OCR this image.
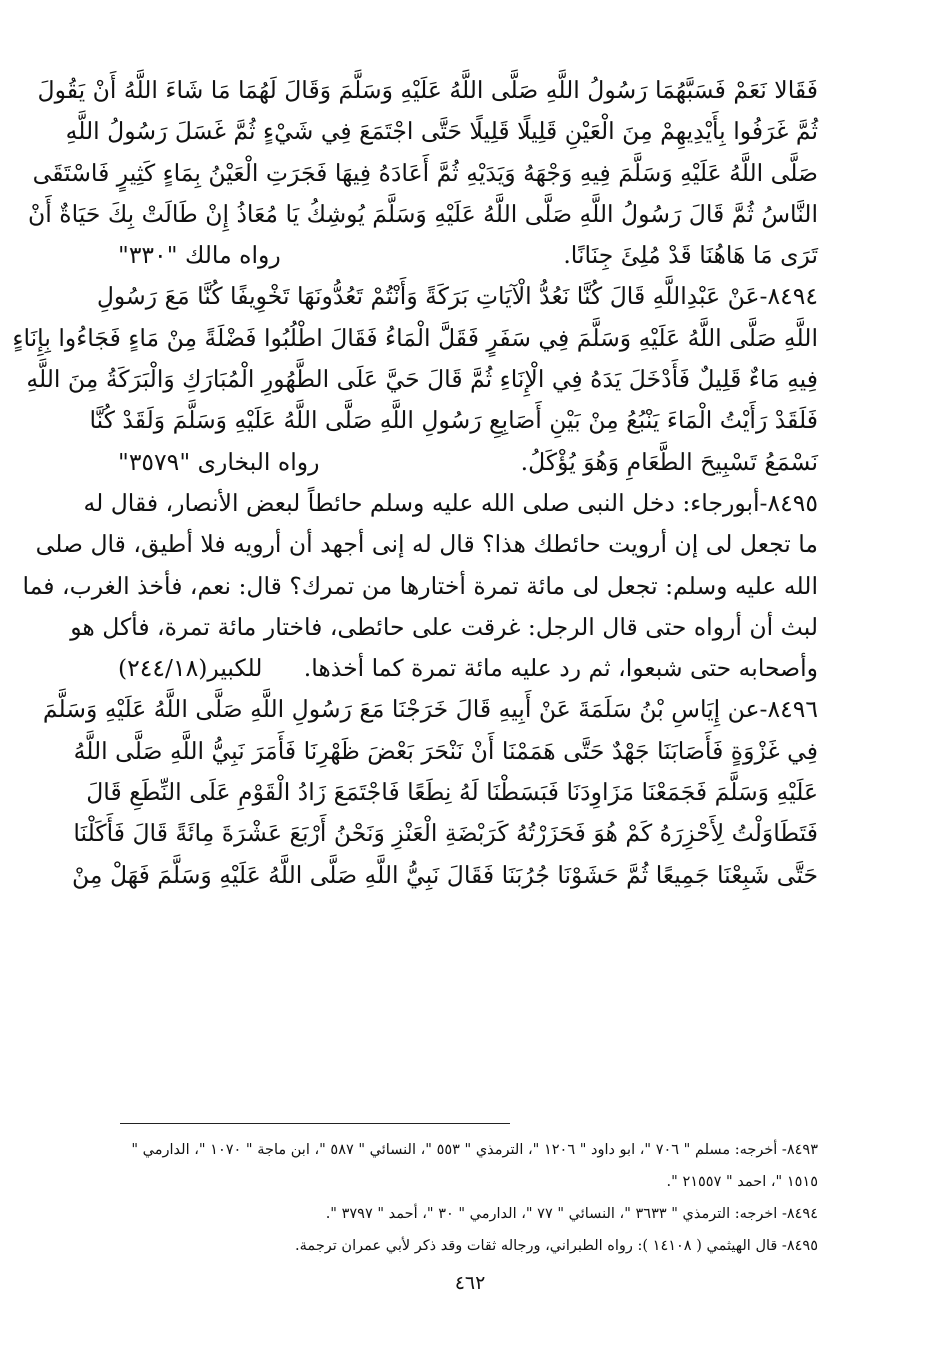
فَقَالا نَعَمْ فَسَبَّهُمَا رَسُولُ اللَّهِ صَلَّى اللَّهُ عَلَيْهِ وَسَلَّمَ وَقَالَ لَهُمَا مَا شَاءَ اللَّهُ أَنْ يَقُولَ
ثُمَّ غَرَفُوا بِأَيْدِيهِمْ مِنَ الْعَيْنِ قَلِيلًا قَلِيلًا حَتَّى اجْتَمَعَ فِي شَيْءٍ ثُمَّ غَسَلَ رَسُولُ اللَّهِ
صَلَّى اللَّهُ عَلَيْهِ وَسَلَّمَ فِيهِ وَجْهَهُ وَيَدَيْهِ ثُمَّ أَعَادَهُ فِيهَا فَجَرَتِ الْعَيْنُ بِمَاءٍ كَثِيرٍ فَاسْتَقَى
النَّاسُ ثُمَّ قَالَ رَسُولُ اللَّهِ صَلَّى اللَّهُ عَلَيْهِ وَسَلَّمَ يُوشِكُ يَا مُعَاذُ إِنْ طَالَتْ بِكَ حَيَاةٌ أَنْ
تَرَى مَا هَاهُنَا قَدْ مُلِئَ جِنَانًا.
رواه مالك "٣٣٠"
٨٤٩٤-عَنْ عَبْدِاللَّهِ قَالَ كُنَّا نَعُدُّ الْآيَاتِ بَرَكَةً وَأَنْتُمْ تَعُدُّونَهَا تَخْوِيفًا كُنَّا مَعَ رَسُولِ
اللَّهِ صَلَّى اللَّهُ عَلَيْهِ وَسَلَّمَ فِي سَفَرٍ فَقَلَّ الْمَاءُ فَقَالَ اطْلُبُوا فَضْلَةً مِنْ مَاءٍ فَجَاءُوا بِإِنَاءٍ
فِيهِ مَاءٌ قَلِيلٌ فَأَدْخَلَ يَدَهُ فِي الْإِنَاءِ ثُمَّ قَالَ حَيَّ عَلَى الطَّهُورِ الْمُبَارَكِ وَالْبَرَكَةُ مِنَ اللَّهِ
فَلَقَدْ رَأَيْتُ الْمَاءَ يَنْبُعُ مِنْ بَيْنِ أَصَابِعِ رَسُولِ اللَّهِ صَلَّى اللَّهُ عَلَيْهِ وَسَلَّمَ وَلَقَدْ كُنَّا
نَسْمَعُ تَسْبِيحَ الطَّعَامِ وَهُوَ يُؤْكَلُ.
رواه البخارى "٣٥٧٩"
٨٤٩٥-أبورجاء: دخل النبى صلى الله عليه وسلم حائطاً لبعض الأنصار، فقال له
ما تجعل لى إن أرويت حائطك هذا؟ قال له إنى أجهد أن أرويه فلا أطيق، قال صلى
الله عليه وسلم: تجعل لى مائة تمرة أختارها من تمرك؟ قال: نعم، فأخذ الغرب، فما
لبث أن أرواه حتى قال الرجل: غرقت على حائطى، فاختار مائة تمرة، فأكل هو
وأصحابه حتى شبعوا، ثم رد عليه مائة تمرة كما أخذها.
للكبير(٢٤٤/١٨)
٨٤٩٦-عن إِيَاسِ بْنُ سَلَمَةَ عَنْ أَبِيهِ قَالَ خَرَجْنَا مَعَ رَسُولِ اللَّهِ صَلَّى اللَّهُ عَلَيْهِ وَسَلَّمَ
فِي غَزْوَةٍ فَأَصَابَنَا جَهْدٌ حَتَّى هَمَمْنَا أَنْ نَنْحَرَ بَعْضَ ظَهْرِنَا فَأَمَرَ نَبِيُّ اللَّهِ صَلَّى اللَّهُ
عَلَيْهِ وَسَلَّمَ فَجَمَعْنَا مَزَاوِدَنَا فَبَسَطْنَا لَهُ نِطَعًا فَاجْتَمَعَ زَادُ الْقَوْمِ عَلَى النِّطَعِ قَالَ
فَتَطَاوَلْتُ لِأَحْزِرَهُ كَمْ هُوَ فَحَزَرْتُهُ كَرَبْضَةِ الْعَنْزِ وَنَحْنُ أَرْبَعَ عَشْرَةَ مِائَةً قَالَ فَأَكَلْنَا
حَتَّى شَبِعْنَا جَمِيعًا ثُمَّ حَشَوْنَا جُرُبَنَا فَقَالَ نَبِيُّ اللَّهِ صَلَّى اللَّهُ عَلَيْهِ وَسَلَّمَ فَهَلْ مِنْ
٨٤٩٣- أخرجه: مسلم " ٧٠٦ "، ابو داود " ١٢٠٦ "، الترمذي " ٥٥٣ "، النسائي " ٥٨٧ "، ابن ماجة " ١٠٧٠ "، الدارمي "
١٥١٥ "، احمد " ٢١٥٥٧ ".
٨٤٩٤- اخرجه: الترمذي " ٣٦٣٣ "، النسائي " ٧٧ "، الدارمي " ٣٠ "، أحمد " ٣٧٩٧ ".
٨٤٩٥- قال الهيثمي ( ١٤١٠٨ ): رواه الطبراني، ورجاله ثقات وقد ذكر لأبي عمران ترجمة.
٤٦٢
